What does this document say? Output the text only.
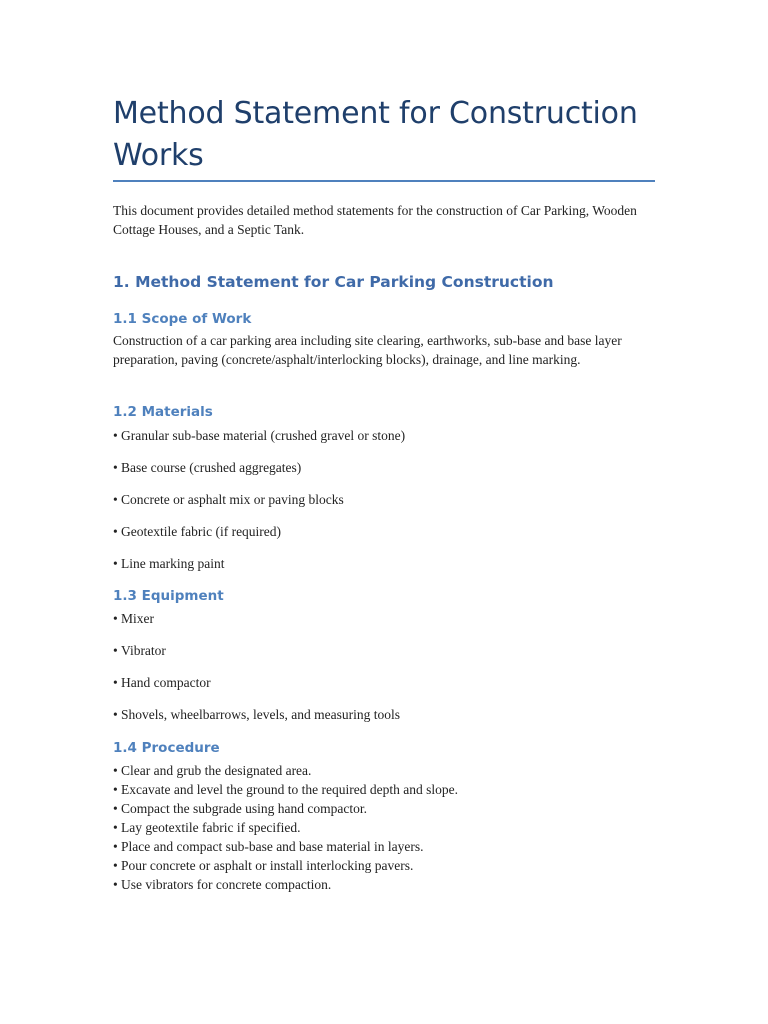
Method Statement for Construction Works

This document provides detailed method statements for the construction of Car Parking, Wooden Cottage Houses, and a Septic Tank.

1. Method Statement for Car Parking Construction
1.1 Scope of Work

Construction of a car parking area including site clearing, earthworks, sub-base and base layer preparation, paving (concrete/asphalt/interlocking blocks), drainage, and line marking.

1.2 Materials

• Granular sub-base material (crushed gravel or stone)

• Base course (crushed aggregates)

• Concrete or asphalt mix or paving blocks

• Geotextile fabric (if required)

• Line marking paint

1.3 Equipment

• Mixer

• Vibrator

• Hand compactor

• Shovels, wheelbarrows, levels, and measuring tools

1.4 Procedure
• Clear and grub the designated area.
• Excavate and level the ground to the required depth and slope.
• Compact the subgrade using hand compactor.
• Lay geotextile fabric if specified.
• Place and compact sub-base and base material in layers.
• Pour concrete or asphalt or install interlocking pavers.
• Use vibrators for concrete compaction.
